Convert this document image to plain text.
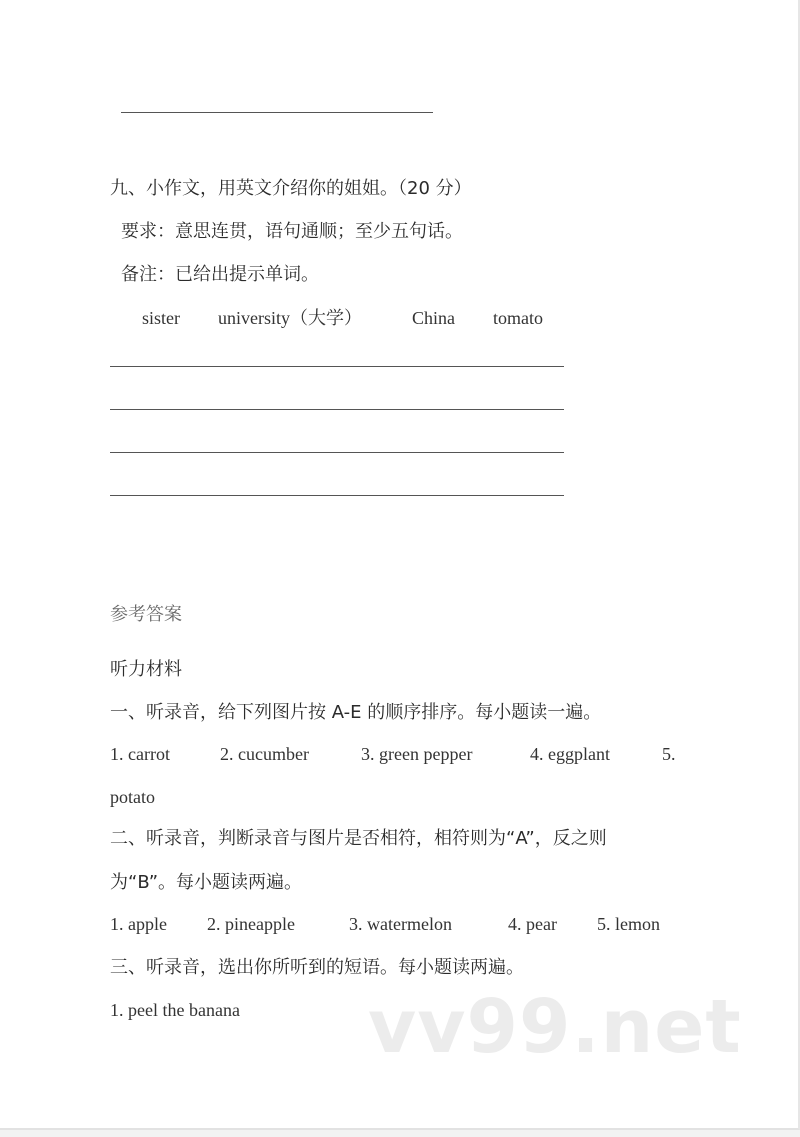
九、小作文，用英文介绍你的姐姐。（20 分）
要求：意思连贯，语句通顺；至少五句话。
备注：已给出提示单词。
sister university（大学）	China tomato
参考答案
听力材料
一、听录音，给下列图片按 A-E 的顺序排序。每小题读一遍。
1. carrot	2. cucumber	3. green pepper	4. eggplant	5.
potato
二、听录音，判断录音与图片是否相符，相符则为“A”，反之则
为“B”。每小题读两遍。
1. apple 2. pineapple	3. watermelon	4. pear 5. lemon
三、听录音，选出你所听到的短语。每小题读两遍。
1. peel the banana vv99.net
